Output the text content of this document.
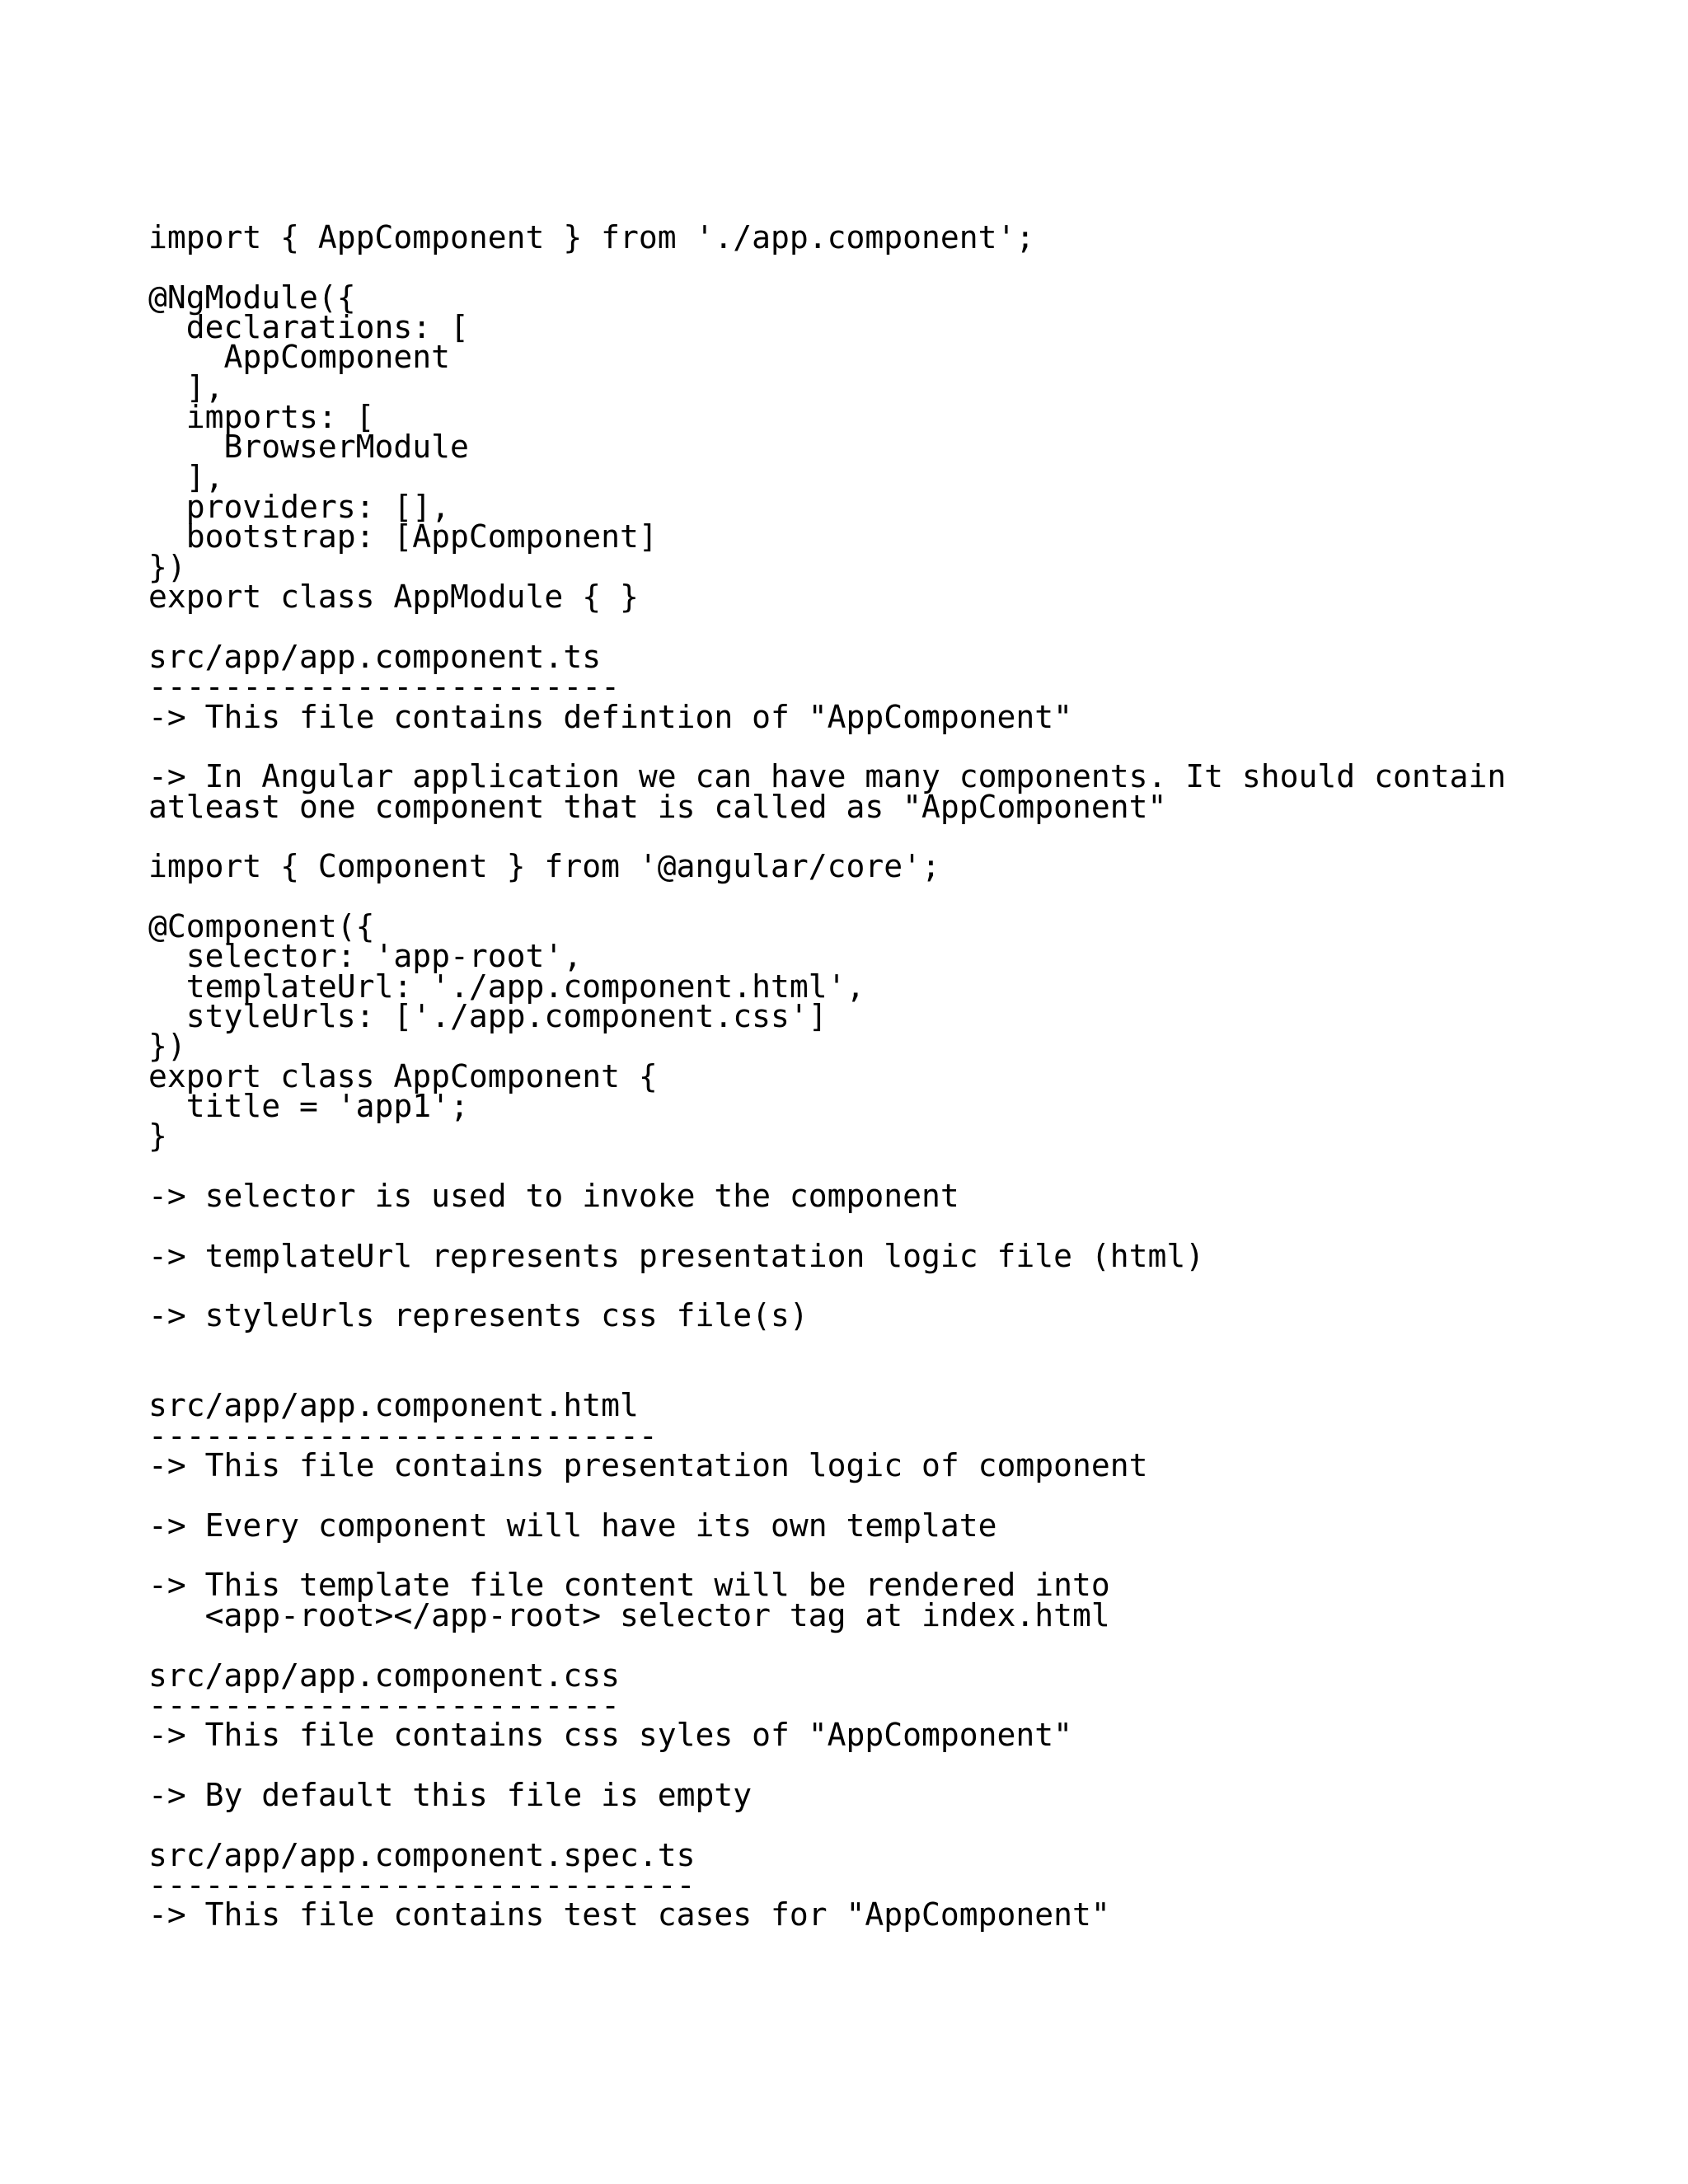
import { AppComponent } from './app.component';

@NgModule({
declarations: [
AppComponent
],
imports: [
BrowserModule
],
providers: [],
bootstrap: [AppComponent]
})
export class AppModule { }

src/app/app.component.ts
-------------------------
-> This file contains defintion of "AppComponent"

-> In Angular application we can have many components. It should contain
atleast one component that is called as "AppComponent"

import { Component } from '@angular/core';

@Component({
selector: 'app-root',
templateUrl: './app.component.html',
styleUrls: ['./app.component.css']
})
export class AppComponent {
title = 'app1';
}

-> selector is used to invoke the component

-> templateUrl represents presentation logic file (html)

-> styleUrls represents css file(s)

src/app/app.component.html
---------------------------
-> This file contains presentation logic of component

-> Every component will have its own template

-> This template file content will be rendered into
<app-root></app-root> selector tag at index.html

src/app/app.component.css
-------------------------
-> This file contains css syles of "AppComponent"

-> By default this file is empty

src/app/app.component.spec.ts
-----------------------------
-> This file contains test cases for "AppComponent"
